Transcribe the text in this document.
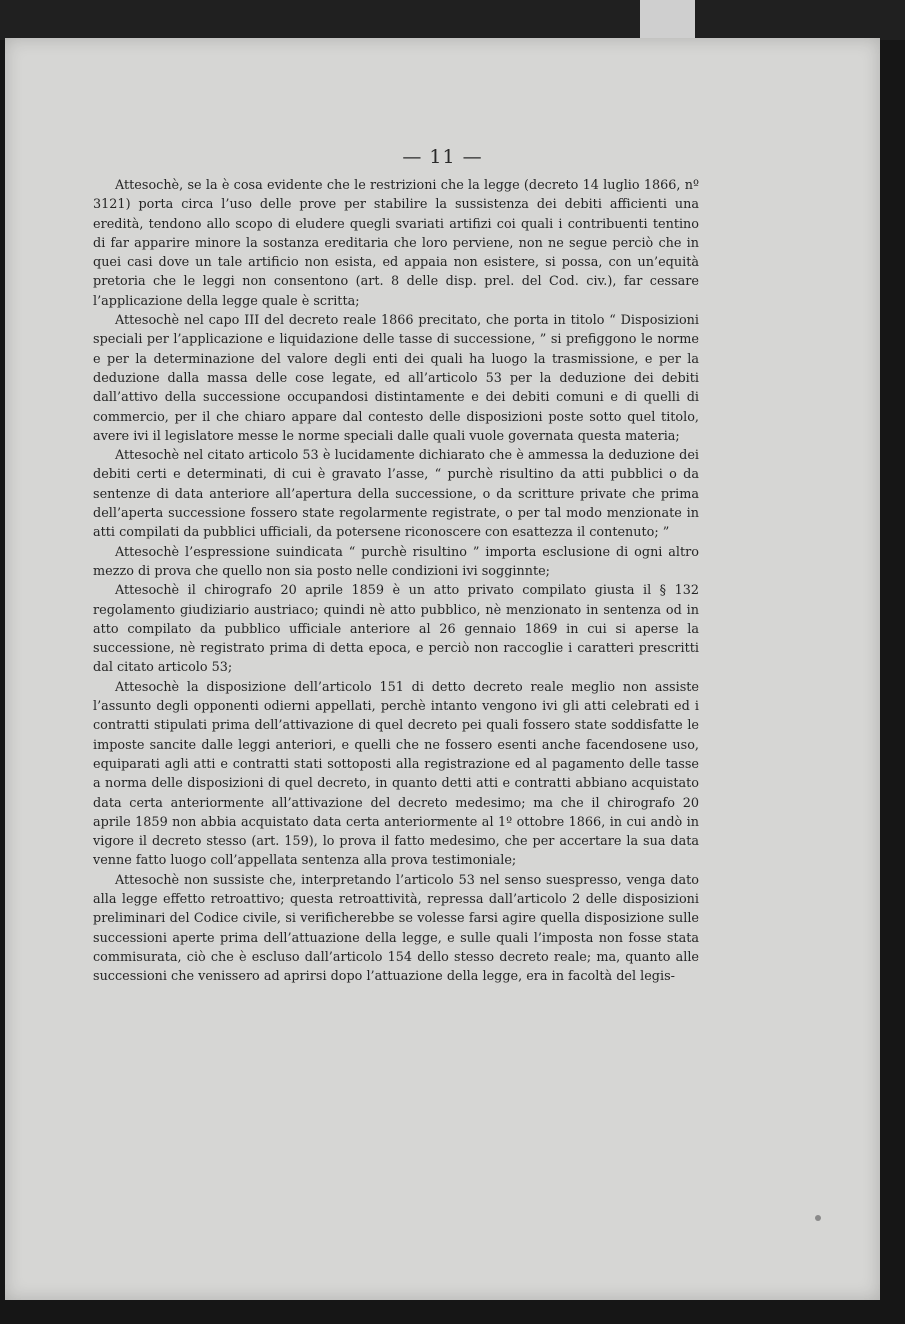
— 11 —

Attesochè, se la è cosa evidente che le restrizioni che la legge (decreto 14 luglio 1866, nº 3121) porta circa l’uso delle prove per stabilire la sussistenza dei debiti afficienti una eredità, tendono allo scopo di eludere quegli svariati artifizi coi quali i contribuenti tentino di far apparire minore la sostanza ereditaria che loro perviene, non ne segue perciò che in quei casi dove un tale artificio non esista, ed appaia non esistere, si possa, con un’equità pretoria che le leggi non consentono (art. 8 delle disp. prel. del Cod. civ.), far cessare l’applicazione della legge quale è scritta;

Attesochè nel capo III del decreto reale 1866 precitato, che porta in titolo “ Disposizioni speciali per l’applicazione e liquidazione delle tasse di successione, ” si prefiggono le norme e per la determinazione del valore degli enti dei quali ha luogo la trasmissione, e per la deduzione dalla massa delle cose legate, ed all’articolo 53 per la deduzione dei debiti dall’attivo della successione occupandosi distintamente e dei debiti comuni e di quelli di commercio, per il che chiaro appare dal contesto delle disposizioni poste sotto quel titolo, avere ivi il legislatore messe le norme speciali dalle quali vuole governata questa materia;

Attesochè nel citato articolo 53 è lucidamente dichiarato che è ammessa la deduzione dei debiti certi e determinati, di cui è gravato l’asse, “ purchè risultino da atti pubblici o da sentenze di data anteriore all’apertura della successione, o da scritture private che prima dell’aperta successione fossero state regolarmente registrate, o per tal modo menzionate in atti compilati da pubblici ufficiali, da potersene riconoscere con esattezza il contenuto; ”

Attesochè l’espressione suindicata “ purchè risultino ” importa esclusione di ogni altro mezzo di prova che quello non sia posto nelle condizioni ivi sogginnte;

Attesochè il chirografo 20 aprile 1859 è un atto privato compilato giusta il § 132 regolamento giudiziario austriaco; quindi nè atto pubblico, nè menzionato in sentenza od in atto compilato da pubblico ufficiale anteriore al 26 gennaio 1869 in cui si aperse la successione, nè registrato prima di detta epoca, e perciò non raccoglie i caratteri prescritti dal citato articolo 53;

Attesochè la disposizione dell’articolo 151 di detto decreto reale meglio non assiste l’assunto degli opponenti odierni appellati, perchè intanto vengono ivi gli atti celebrati ed i contratti stipulati prima dell’attivazione di quel decreto pei quali fossero state soddisfatte le imposte sancite dalle leggi anteriori, e quelli che ne fossero esenti anche facendosene uso, equiparati agli atti e contratti stati sottoposti alla registrazione ed al pagamento delle tasse a norma delle disposizioni di quel decreto, in quanto detti atti e contratti abbiano acquistato data certa anteriormente all’attivazione del decreto medesimo; ma che il chirografo 20 aprile 1859 non abbia acquistato data certa anteriormente al 1º ottobre 1866, in cui andò in vigore il decreto stesso (art. 159), lo prova il fatto medesimo, che per accertare la sua data venne fatto luogo coll’appellata sentenza alla prova testimoniale;

Attesochè non sussiste che, interpretando l’articolo 53 nel senso suespresso, venga dato alla legge effetto retroattivo; questa retroattività, repressa dall’articolo 2 delle disposizioni preliminari del Codice civile, si verificherebbe se volesse farsi agire quella disposizione sulle successioni aperte prima dell’attuazione della legge, e sulle quali l’imposta non fosse stata commisurata, ciò che è escluso dall’articolo 154 dello stesso decreto reale; ma, quanto alle successioni che venissero ad aprirsi dopo l’attuazione della legge, era in facoltà del legis-
